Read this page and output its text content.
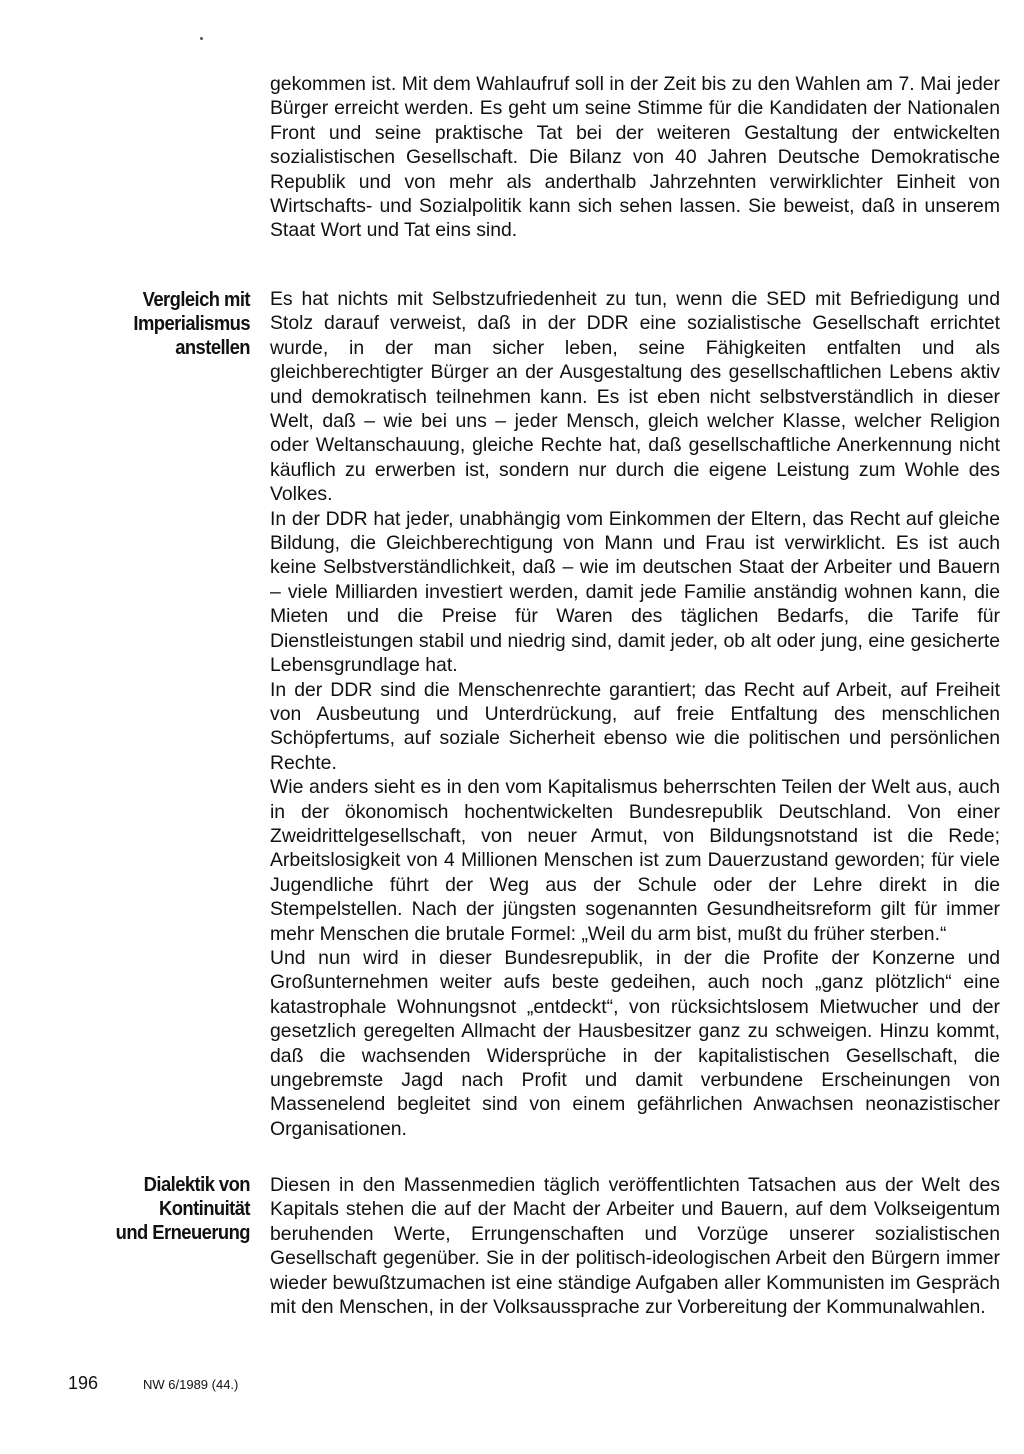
gekommen ist. Mit dem Wahlaufruf soll in der Zeit bis zu den Wahlen am 7. Mai jeder Bürger erreicht werden. Es geht um seine Stimme für die Kandidaten der Nationalen Front und seine praktische Tat bei der weiteren Gestaltung der entwickelten sozialistischen Gesellschaft. Die Bilanz von 40 Jahren Deutsche Demokratische Republik und von mehr als anderthalb Jahrzehnten verwirklichter Einheit von Wirtschafts- und Sozialpolitik kann sich sehen lassen. Sie beweist, daß in unserem Staat Wort und Tat eins sind.

Vergleich mit
Imperialismus
anstellen

Es hat nichts mit Selbstzufriedenheit zu tun, wenn die SED mit Befriedigung und Stolz darauf verweist, daß in der DDR eine sozialistische Gesellschaft errichtet wurde, in der man sicher leben, seine Fähigkeiten entfalten und als gleichberechtigter Bürger an der Ausgestaltung des gesellschaftlichen Lebens aktiv und demokratisch teilnehmen kann. Es ist eben nicht selbstverständlich in dieser Welt, daß – wie bei uns – jeder Mensch, gleich welcher Klasse, welcher Religion oder Weltanschauung, gleiche Rechte hat, daß gesellschaftliche Anerkennung nicht käuflich zu erwerben ist, sondern nur durch die eigene Leistung zum Wohle des Volkes.

In der DDR hat jeder, unabhängig vom Einkommen der Eltern, das Recht auf gleiche Bildung, die Gleichberechtigung von Mann und Frau ist verwirklicht. Es ist auch keine Selbstverständlichkeit, daß – wie im deutschen Staat der Arbeiter und Bauern – viele Milliarden investiert werden, damit jede Familie anständig wohnen kann, die Mieten und die Preise für Waren des täglichen Bedarfs, die Tarife für Dienstleistungen stabil und niedrig sind, damit jeder, ob alt oder jung, eine gesicherte Lebensgrundlage hat.

In der DDR sind die Menschenrechte garantiert; das Recht auf Arbeit, auf Freiheit von Ausbeutung und Unterdrückung, auf freie Entfaltung des menschlichen Schöpfertums, auf soziale Sicherheit ebenso wie die politischen und persönlichen Rechte.

Wie anders sieht es in den vom Kapitalismus beherrschten Teilen der Welt aus, auch in der ökonomisch hochentwickelten Bundesrepublik Deutschland. Von einer Zweidrittelgesellschaft, von neuer Armut, von Bildungsnotstand ist die Rede; Arbeitslosigkeit von 4 Millionen Menschen ist zum Dauerzustand geworden; für viele Jugendliche führt der Weg aus der Schule oder der Lehre direkt in die Stempelstellen. Nach der jüngsten sogenannten Gesundheitsreform gilt für immer mehr Menschen die brutale Formel: „Weil du arm bist, mußt du früher sterben.“

Und nun wird in dieser Bundesrepublik, in der die Profite der Konzerne und Großunternehmen weiter aufs beste gedeihen, auch noch „ganz plötzlich“ eine katastrophale Wohnungsnot „entdeckt“, von rücksichtslosem Mietwucher und der gesetzlich geregelten Allmacht der Hausbesitzer ganz zu schweigen. Hinzu kommt, daß die wachsenden Widersprüche in der kapitalistischen Gesellschaft, die ungebremste Jagd nach Profit und damit verbundene Erscheinungen von Massenelend begleitet sind von einem gefährlichen Anwachsen neonazistischer Organisationen.

Dialektik von
Kontinuität
und Erneuerung

Diesen in den Massenmedien täglich veröffentlichten Tatsachen aus der Welt des Kapitals stehen die auf der Macht der Arbeiter und Bauern, auf dem Volkseigentum beruhenden Werte, Errungenschaften und Vorzüge unserer sozialistischen Gesellschaft gegenüber. Sie in der politisch-ideologischen Arbeit den Bürgern immer wieder bewußtzumachen ist eine ständige Aufgaben aller Kommunisten im Gespräch mit den Menschen, in der Volksaussprache zur Vorbereitung der Kommunalwahlen.

196	NW 6/1989 (44.)
